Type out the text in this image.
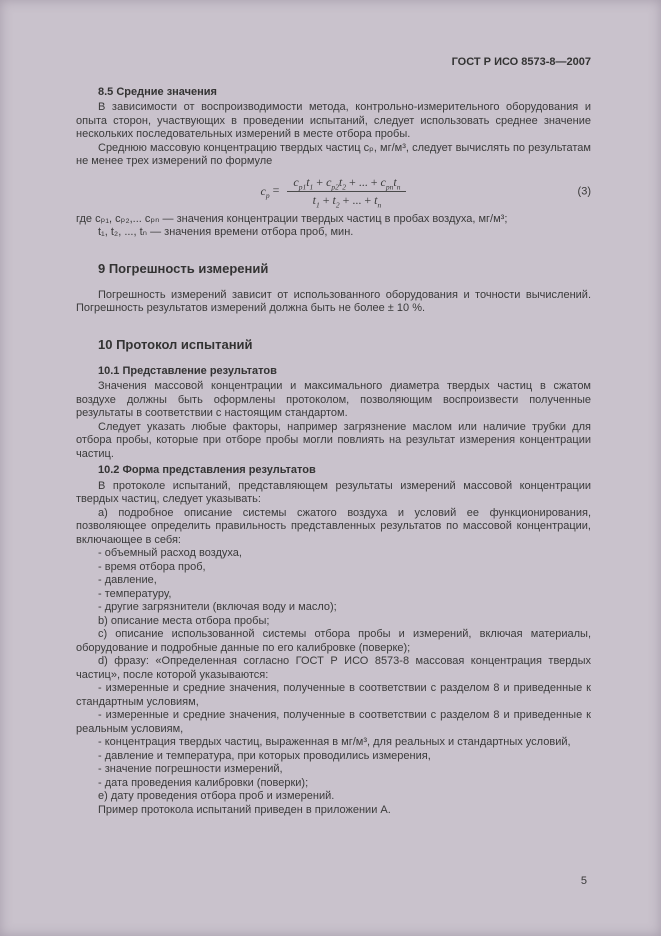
ГОСТ Р ИСО 8573-8—2007
8.5 Средние значения

В зависимости от воспроизводимости метода, контрольно-измерительного оборудования и опыта сторон, участвующих в проведении испытаний, следует использовать среднее значение нескольких последовательных измерений в месте отбора пробы.

Среднюю массовую концентрацию твердых частиц cₚ, мг/м³, следует вычислять по результатам не менее трех измерений по формуле

$c_p = \frac{c_{p1}t_1 + c_{p2}t_2 + ... + c_{pn}t_n}{t_1 + t_2 + ... + t_n}$	(3)

где cₚ₁, cₚ₂,... cₚₙ — значения концентрации твердых частиц в пробах воздуха, мг/м³;

t₁, t₂, ..., tₙ — значения времени отбора проб, мин.

9 Погрешность измерений

Погрешность измерений зависит от использованного оборудования и точности вычислений. Погрешность результатов измерений должна быть не более ± 10 %.

10 Протокол испытаний
10.1 Представление результатов

Значения массовой концентрации и максимального диаметра твердых частиц в сжатом воздухе должны быть оформлены протоколом, позволяющим воспроизвести полученные результаты в соответствии с настоящим стандартом.

Следует указать любые факторы, например загрязнение маслом или наличие трубки для отбора пробы, которые при отборе пробы могли повлиять на результат измерения концентрации частиц.

10.2 Форма представления результатов

В протоколе испытаний, представляющем результаты измерений массовой концентрации твердых частиц, следует указывать:

а) подробное описание системы сжатого воздуха и условий ее функционирования, позволяющее определить правильность представленных результатов по массовой концентрации, включающее в себя:

- объемный расход воздуха,

- время отбора проб,

- давление,

- температуру,

- другие загрязнители (включая воду и масло);

b) описание места отбора пробы;

c) описание использованной системы отбора пробы и измерений, включая материалы, оборудование и подробные данные по его калибровке (поверке);

d) фразу: «Определенная согласно ГОСТ Р ИСО 8573-8 массовая концентрация твердых частиц», после которой указываются:

- измеренные и средние значения, полученные в соответствии с разделом 8 и приведенные к стандартным условиям,

- измеренные и средние значения, полученные в соответствии с разделом 8 и приведенные к реальным условиям,

- концентрация твердых частиц, выраженная в мг/м³, для реальных и стандартных условий,

- давление и температура, при которых проводились измерения,

- значение погрешности измерений,

- дата проведения калибровки (поверки);

е) дату проведения отбора проб и измерений.

Пример протокола испытаний приведен в приложении А.

5
